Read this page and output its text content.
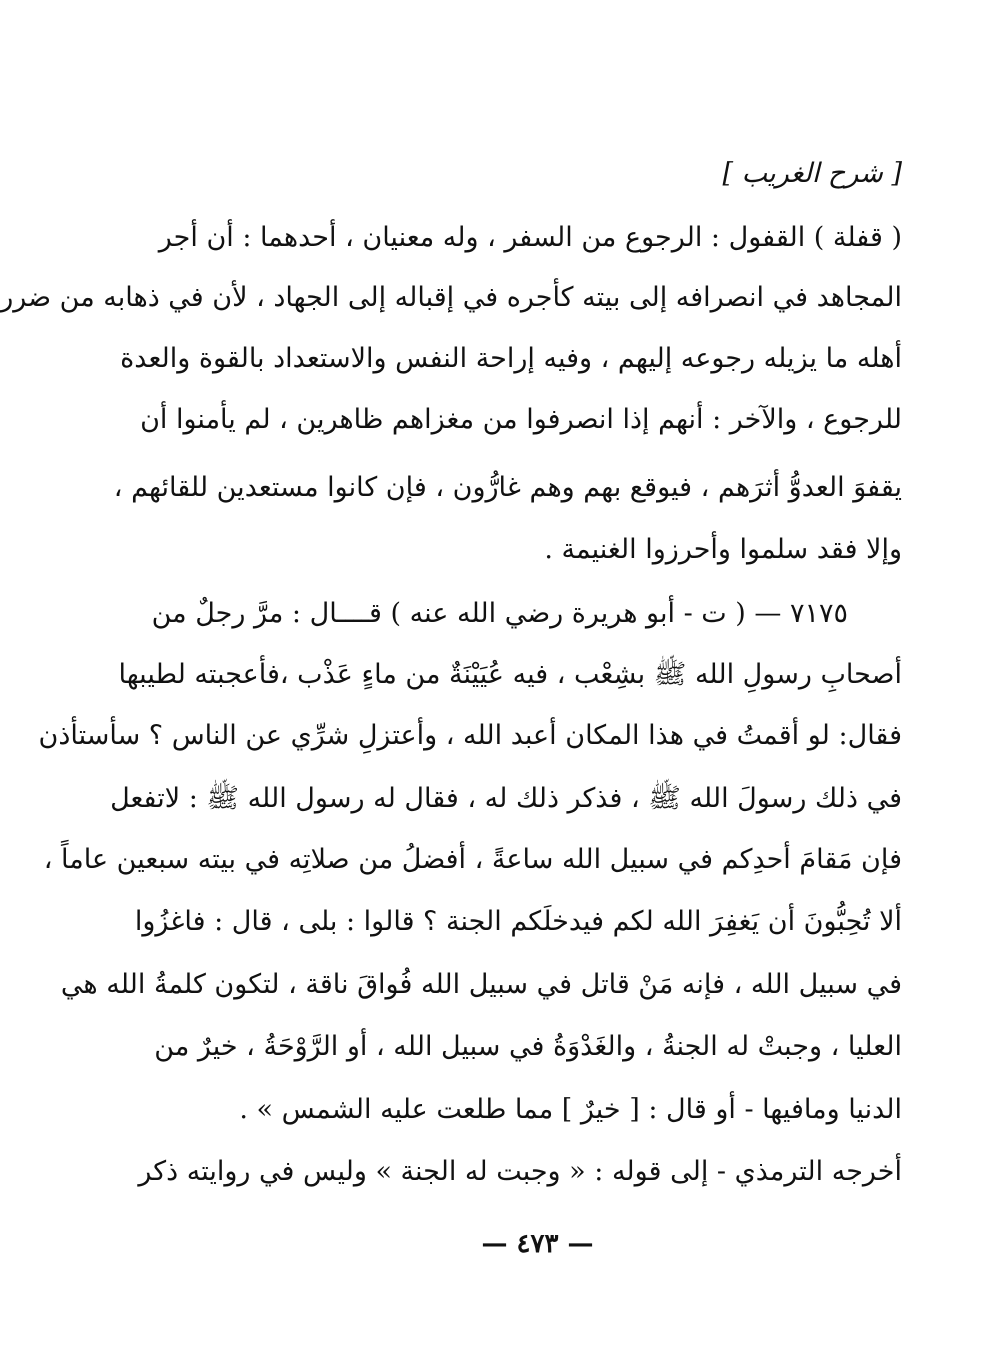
[ شرح الغريب ]
( قفلة ) القفول : الرجوع من السفر ، وله معنيان ، أحدهما : أن أجر
المجاهد في انصرافه إلى بيته كأجره في إقباله إلى الجهاد ، لأن في ذهابه من ضرر
أهله ما يزيله رجوعه إليهم ، وفيه إراحة النفس والاستعداد بالقوة والعدة
للرجوع ، والآخر : أنهم إذا انصرفوا من مغزاهم ظاهرين ، لم يأمنوا أن
يقفوَ العدوُّ أثرَهم ، فيوقع بهم وهم غارُّون ، فإن كانوا مستعدين للقائهم ،
وإلا فقد سلموا وأحرزوا الغنيمة .
٧١٧٥ — ( ت - أبو هريرة رضي الله عنه ) قــــال : مرَّ رجلٌ من
أصحابِ رسولِ الله ﷺ بشِعْب ، فيه عُيَيْنَةٌ من ماءٍ عَذْب ،فأعجبته لطيبها
فقال: لو أقمتُ في هذا المكان أعبد الله ، وأعتزلِ شرِّي عن الناس ؟ سأستأذن
في ذلك رسولَ الله ﷺ ، فذكر ذلك له ، فقال له رسول الله ﷺ : لاتفعل
فإن مَقامَ أحدِكم في سبيل الله ساعةً ، أفضلُ من صلاتِه في بيته سبعين عاماً ،
ألا تُحِبُّونَ أن يَغفِرَ الله لكم فيدخلَكم الجنة ؟ قالوا : بلى ، قال : فاغزُوا
في سبيل الله ، فإنه مَنْ قاتل في سبيل الله فُواقَ ناقة ، لتكون كلمةُ الله هي
العليا ، وجبتْ له الجنةُ ، والغَدْوَةُ في سبيل الله ، أو الرَّوْحَةُ ، خيرٌ من
الدنيا ومافيها - أو قال : [ خيرٌ ] مما طلعت عليه الشمس » .
أخرجه الترمذي - إلى قوله : « وجبت له الجنة » وليس في روايته ذكر
— ٤٧٣ —
